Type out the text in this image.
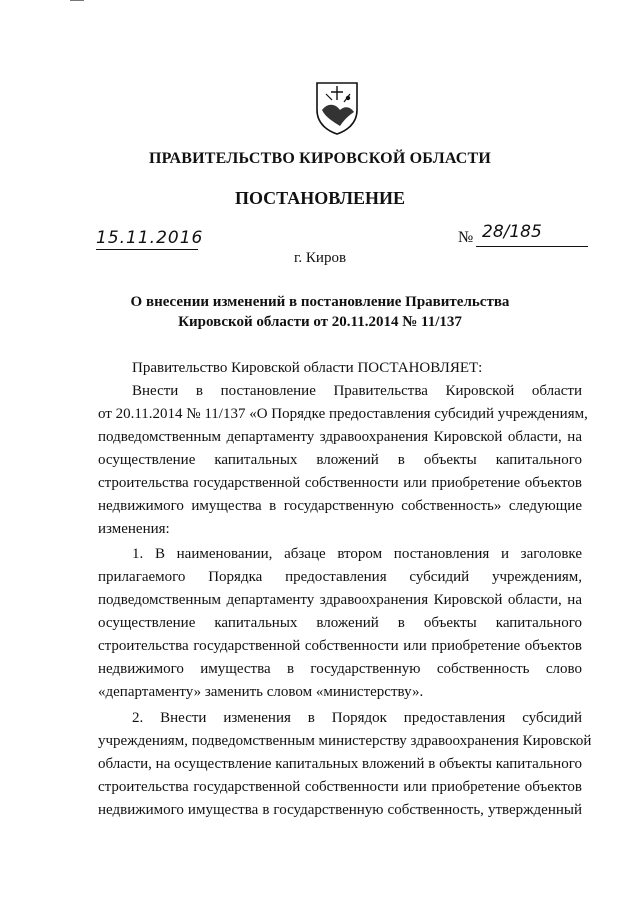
ПРАВИТЕЛЬСТВО КИРОВСКОЙ ОБЛАСТИ
ПОСТАНОВЛЕНИЕ
15.11.2016	№ 28/185
г. Киров
О внесении изменений в постановление Правительства
Кировской области от 20.11.2014 № 11/137
Правительство Кировской области ПОСТАНОВЛЯЕТ:
Внести в постановление Правительства Кировской области
от 20.11.2014 № 11/137 «О Порядке предоставления субсидий учреждениям,
подведомственным департаменту здравоохранения Кировской области, на
осуществление капитальных вложений в объекты капитального
строительства государственной собственности или приобретение объектов
недвижимого имущества в государственную собственность» следующие
изменения:
1. В наименовании, абзаце втором постановления и заголовке
прилагаемого Порядка предоставления субсидий учреждениям,
подведомственным департаменту здравоохранения Кировской области, на
осуществление капитальных вложений в объекты капитального
строительства государственной собственности или приобретение объектов
недвижимого имущества в государственную собственность слово
«департаменту» заменить словом «министерству».
2. Внести изменения в Порядок предоставления субсидий
учреждениям, подведомственным министерству здравоохранения Кировской
области, на осуществление капитальных вложений в объекты капитального
строительства государственной собственности или приобретение объектов
недвижимого имущества в государственную собственность, утвержденный
